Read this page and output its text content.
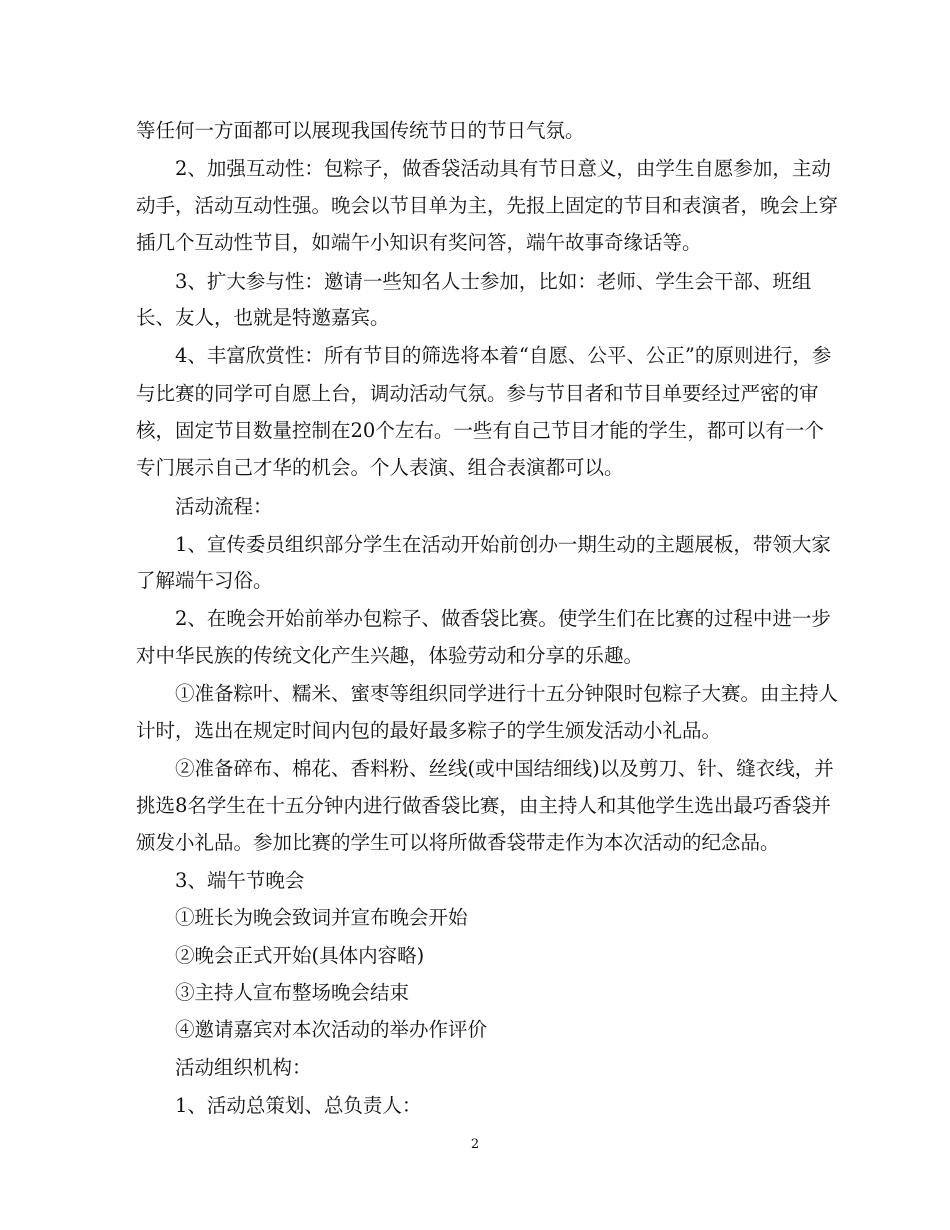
等任何一方面都可以展现我国传统节日的节日气氛。
2、加强互动性：包粽子，做香袋活动具有节日意义，由学生自愿参加，主动
动手，活动互动性强。晚会以节目单为主，先报上固定的节目和表演者，晚会上穿
插几个互动性节目，如端午小知识有奖问答，端午故事奇缘话等。
3、扩大参与性：邀请一些知名人士参加，比如：老师、学生会干部、班组
长、友人，也就是特邀嘉宾。
4、丰富欣赏性：所有节目的筛选将本着“自愿、公平、公正”的原则进行，参
与比赛的同学可自愿上台，调动活动气氛。参与节目者和节目单要经过严密的审
核，固定节目数量控制在20个左右。一些有自己节目才能的学生，都可以有一个
专门展示自己才华的机会。个人表演、组合表演都可以。
活动流程：
1、宣传委员组织部分学生在活动开始前创办一期生动的主题展板，带领大家
了解端午习俗。
2、在晚会开始前举办包粽子、做香袋比赛。使学生们在比赛的过程中进一步
对中华民族的传统文化产生兴趣，体验劳动和分享的乐趣。
①准备粽叶、糯米、蜜枣等组织同学进行十五分钟限时包粽子大赛。由主持人
计时，选出在规定时间内包的最好最多粽子的学生颁发活动小礼品。
②准备碎布、棉花、香料粉、丝线(或中国结细线)以及剪刀、针、缝衣线，并
挑选8名学生在十五分钟内进行做香袋比赛，由主持人和其他学生选出最巧香袋并
颁发小礼品。参加比赛的学生可以将所做香袋带走作为本次活动的纪念品。
3、端午节晚会
①班长为晚会致词并宣布晚会开始
②晚会正式开始(具体内容略)
③主持人宣布整场晚会结束
④邀请嘉宾对本次活动的举办作评价
活动组织机构：
1、活动总策划、总负责人：
2
